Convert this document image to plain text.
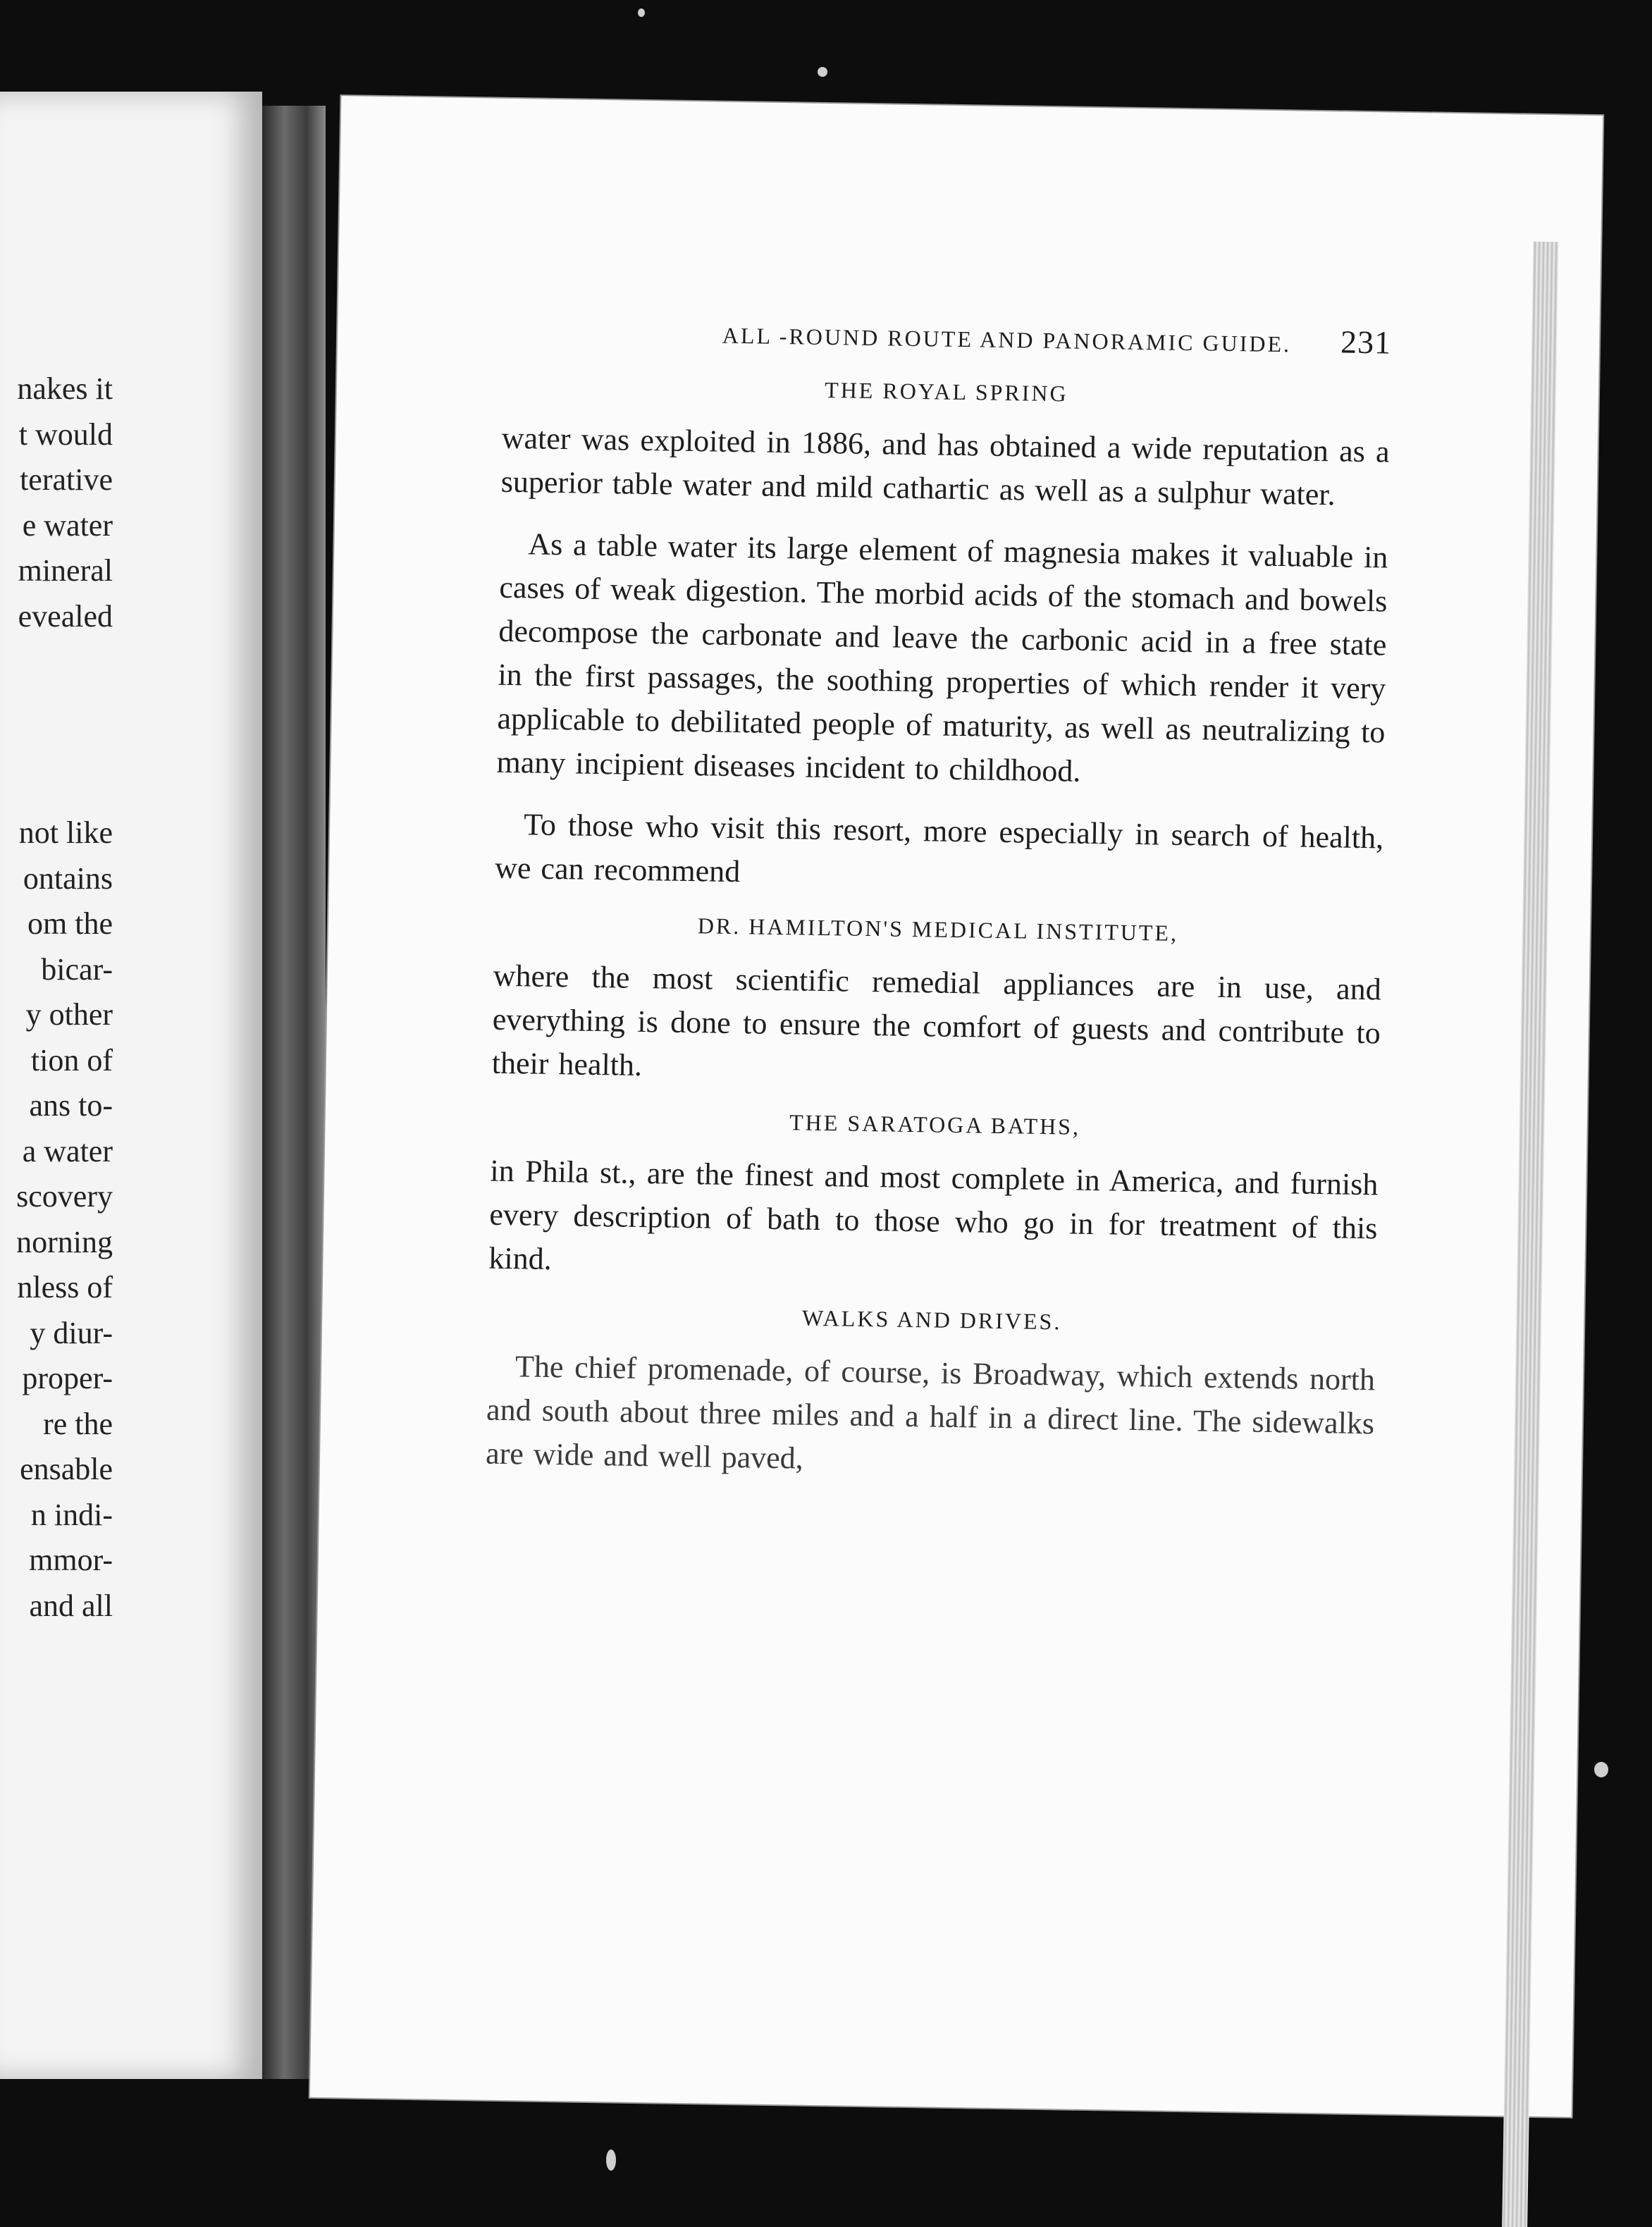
nakes it
t would
terative
e water
mineral
evealed
not like
ontains
om the
bicar-
y other
tion of
ans to-
a water
scovery
norning
nless of
y diur-
proper-
re the
ensable
n indi-
mmor-
and all
ALL -ROUND ROUTE AND PANORAMIC GUIDE. 231
THE ROYAL SPRING

water was exploited in 1886, and has obtained a wide reputation as a superior table water and mild cathartic as well as a sulphur water.

As a table water its large element of magnesia makes it valuable in cases of weak digestion. The morbid acids of the stomach and bowels decompose the carbonate and leave the carbonic acid in a free state in the first passages, the soothing properties of which render it very applicable to debilitated people of maturity, as well as neutralizing to many incipient diseases incident to childhood.

To those who visit this resort, more especially in search of health, we can recommend

DR. HAMILTON'S MEDICAL INSTITUTE,

where the most scientific remedial appliances are in use, and everything is done to ensure the comfort of guests and contribute to their health.

THE SARATOGA BATHS,

in Phila st., are the finest and most complete in America, and furnish every description of bath to those who go in for treatment of this kind.

WALKS AND DRIVES.

The chief promenade, of course, is Broadway, which extends north and south about three miles and a half in a direct line. The sidewalks are wide and well paved,
